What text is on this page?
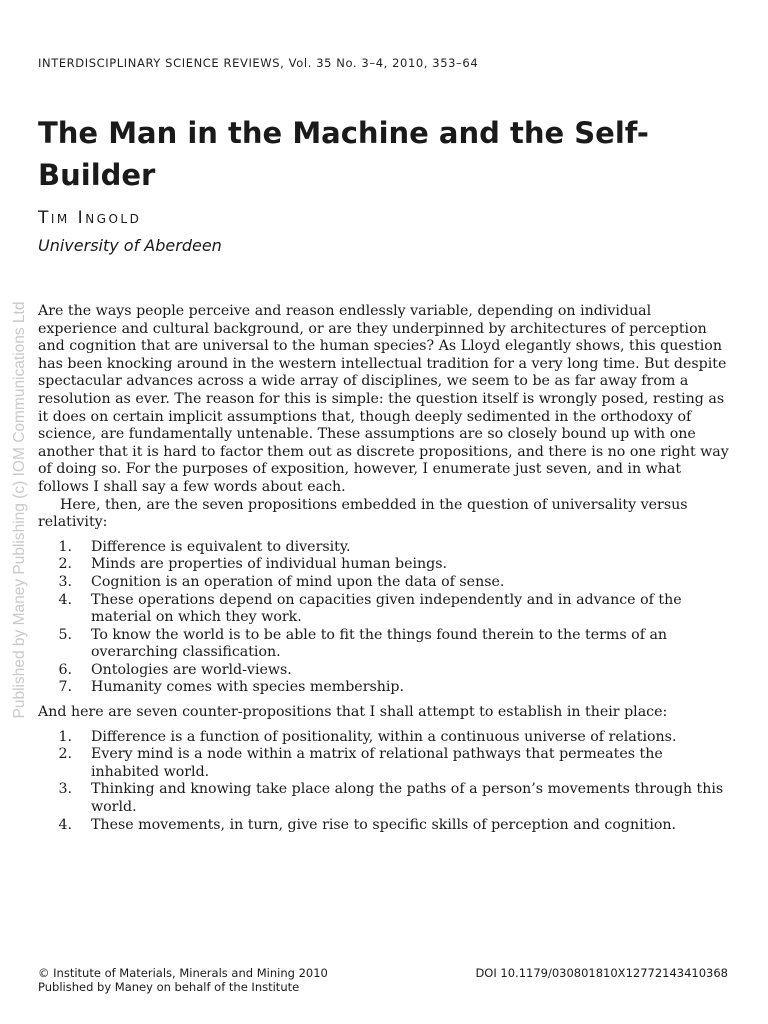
INTERDISCIPLINARY SCIENCE REVIEWS, Vol. 35 No. 3–4, 2010, 353–64
The Man in the Machine and the Self-Builder
Tim Ingold
University of Aberdeen
Published by Maney Publishing (c) IOM Communications Ltd Are the ways people perceive and reason endlessly variable, depending on individual experience and cultural background, or are they underpinned by architectures of perception and cognition that are universal to the human species? As Lloyd elegantly shows, this question has been knocking around in the western intellectual tradition for a very long time. But despite spectacular advances across a wide array of disciplines, we seem to be as far away from a resolution as ever. The reason for this is simple: the question itself is wrongly posed, resting as it does on certain implicit assumptions that, though deeply sedimented in the orthodoxy of science, are fundamentally untenable. These assumptions are so closely bound up with one another that it is hard to factor them out as discrete propositions, and there is no one right way of doing so. For the purposes of exposition, however, I enumerate just seven, and in what follows I shall say a few words about each.

Here, then, are the seven propositions embedded in the question of universality versus relativity:

1. Difference is equivalent to diversity.
2. Minds are properties of individual human beings.
3. Cognition is an operation of mind upon the data of sense.
4. These operations depend on capacities given independently and in advance of the material on which they work.
5. To know the world is to be able to fit the things found therein to the terms of an overarching classification.
6. Ontologies are world-views.
7. Humanity comes with species membership.

And here are seven counter-propositions that I shall attempt to establish in their place:

1. Difference is a function of positionality, within a continuous universe of relations.
2. Every mind is a node within a matrix of relational pathways that permeates the inhabited world.
3. Thinking and knowing take place along the paths of a person’s movements through this world.
4. These movements, in turn, give rise to specific skills of perception and cognition.
© Institute of Materials, Minerals and Mining 2010
Published by Maney on behalf of the Institute
DOI 10.1179/030801810X12772143410368
